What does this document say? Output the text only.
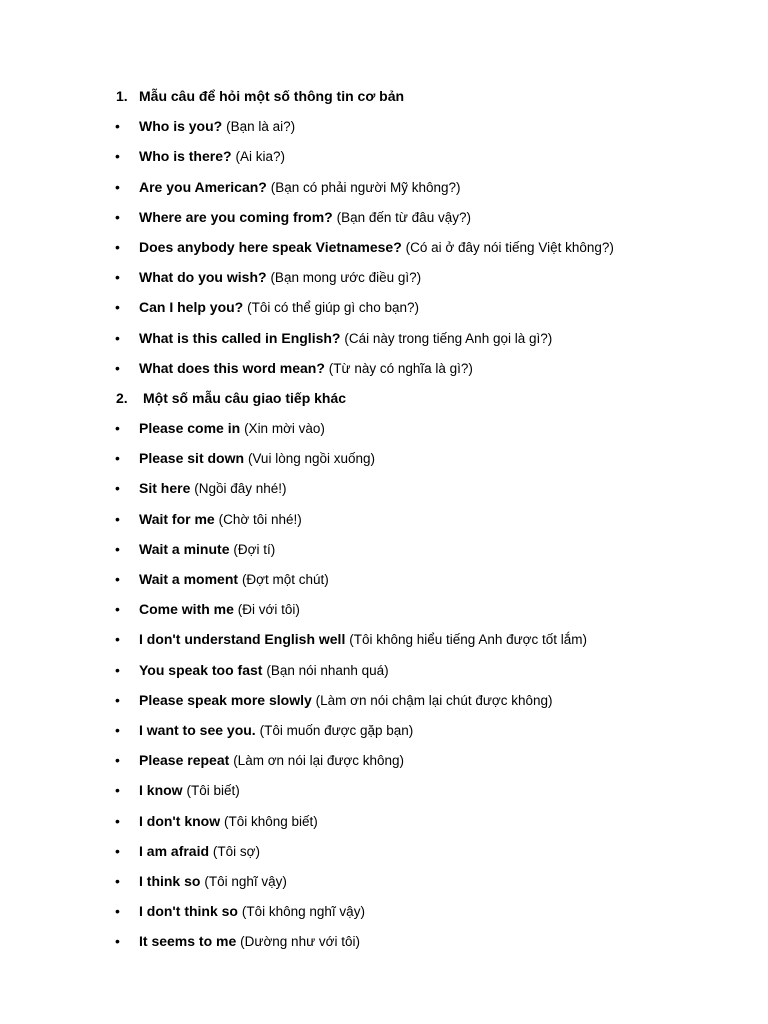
1. Mẫu câu để hỏi một số thông tin cơ bản
• Who is you? (Bạn là ai?)
• Who is there? (Ai kia?)
• Are you American? (Bạn có phải người Mỹ không?)
• Where are you coming from? (Bạn đến từ đâu vậy?)
• Does anybody here speak Vietnamese? (Có ai ở đây nói tiếng Việt không?)
• What do you wish? (Bạn mong ước điều gì?)
• Can I help you? (Tôi có thể giúp gì cho bạn?)
• What is this called in English? (Cái này trong tiếng Anh gọi là gì?)
• What does this word mean? (Từ này có nghĩa là gì?)
2. Một số mẫu câu giao tiếp khác
• Please come in (Xin mời vào)
• Please sit down (Vui lòng ngồi xuống)
• Sit here (Ngồi đây nhé!)
• Wait for me (Chờ tôi nhé!)
• Wait a minute (Đợi tí)
• Wait a moment (Đợt một chút)
• Come with me (Đi với tôi)
• I don't understand English well (Tôi không hiểu tiếng Anh được tốt lắm)
• You speak too fast (Bạn nói nhanh quá)
• Please speak more slowly (Làm ơn nói chậm lại chút được không)
• I want to see you. (Tôi muốn được gặp bạn)
• Please repeat (Làm ơn nói lại được không)
• I know (Tôi biết)
• I don't know (Tôi không biết)
• I am afraid (Tôi sợ)
• I think so (Tôi nghĩ vậy)
• I don't think so (Tôi không nghĩ vậy)
• It seems to me (Dường như với tôi)
